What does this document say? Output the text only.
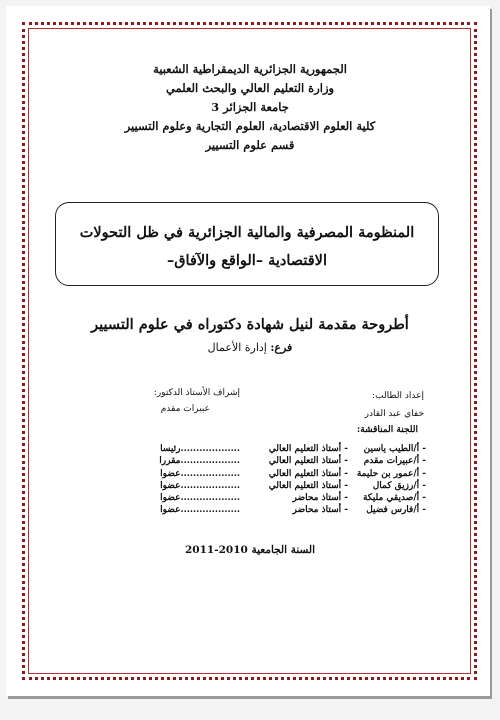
الجمهورية الجزائرية الديمقراطية الشعبية
وزارة التعليم العالي والبحث العلمي
جامعة الجزائر 3
كلية العلوم الاقتصادية، العلوم التجارية وعلوم التسيير
قسم علوم التسيير
المنظومة المصرفية والمالية الجزائرية في ظل التحولات
الاقتصادية –الواقع والآفاق–
أطروحة مقدمة لنيل شهادة دكتوراه في علوم التسيير
فرع: إدارة الأعمال
إشراف الأستاذ الدكتور:
عبيرات مقدم
إعداد الطالب:
خفاي عبد القادر
اللجنة المناقشة:
- أ/الطيب ياسين
- أستاذ التعليم العالي
...................رئيسا
- أ/عبيرات مقدم
- أستاذ التعليم العالي
...................مقررا
- أ/عمور بن حليمة
- أستاذ التعليم العالي
...................عضوا
- أ/رزيق كمال
- أستاذ التعليم العالي
...................عضوا
- أ/صديقي مليكة
- أستاذ محاضر
...................عضوا
- أ/فارس فضيل
- أستاذ محاضر
...................عضوا
السنة الجامعية 2010-2011
